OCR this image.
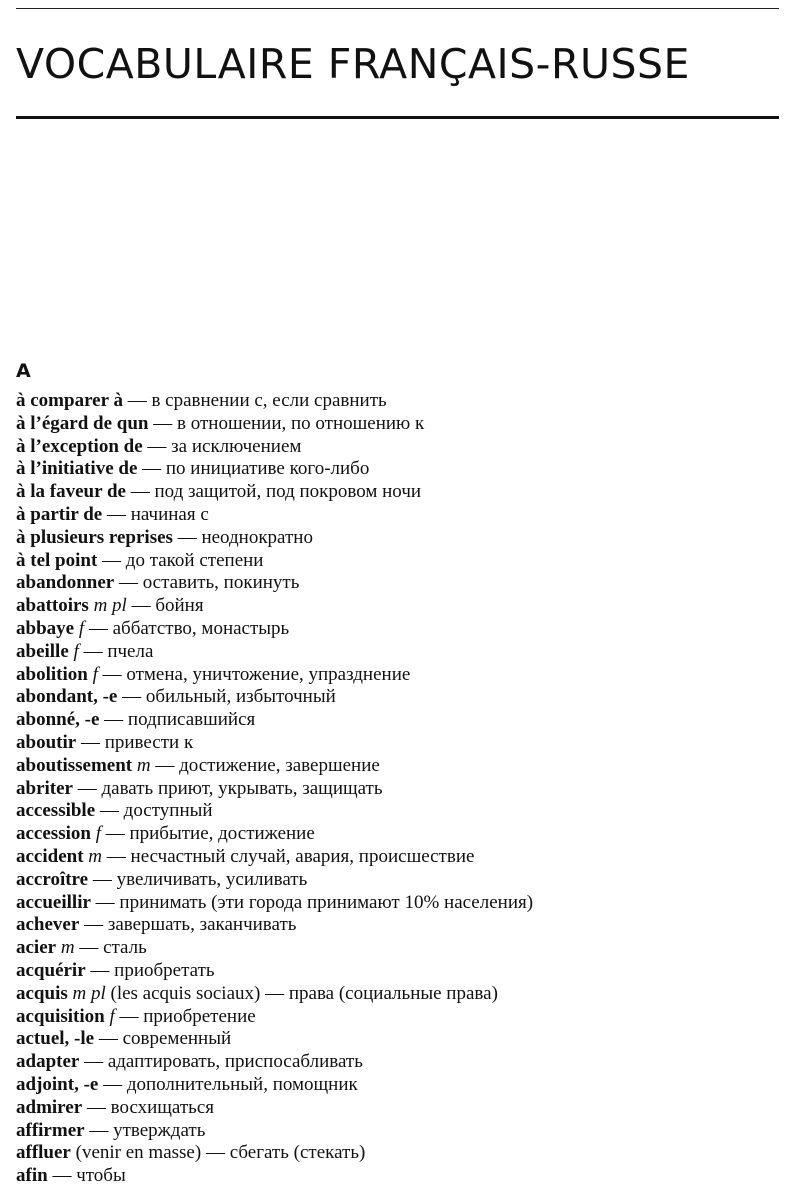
VOCABULAIRE FRANÇAIS-RUSSE
A
à comparer à — в сравнении с, если сравнить
à l’égard de qun — в отношении, по отношению к
à l’exception de — за исключением
à l’initiative de — по инициативе кого-либо
à la faveur de — под защитой, под покровом ночи
à partir de — начиная с
à plusieurs reprises — неоднократно
à tel point — до такой степени
abandonner — оставить, покинуть
abattoirs m pl — бойня
abbaye f — аббатство, монастырь
abeille f — пчела
abolition f — отмена, уничтожение, упразднение
abondant, -e — обильный, избыточный
abonné, -e — подписавшийся
aboutir — привести к
aboutissement m — достижение, завершение
abriter — давать приют, укрывать, защищать
accessible — доступный
accession f — прибытие, достижение
accident m — несчастный случай, авария, происшествие
accroître — увеличивать, усиливать
accueillir — принимать (эти города принимают 10% населения)
achever — завершать, заканчивать
acier m — сталь
acquérir — приобретать
acquis m pl (les acquis sociaux) — права (социальные права)
acquisition f — приобретение
actuel, -le — современный
adapter — адаптировать, приспосабливать
adjoint, -e — дополнительный, помощник
admirer — восхищаться
affirmer — утверждать
affluer (venir en masse) — сбегать (стекать)
afin — чтобы
